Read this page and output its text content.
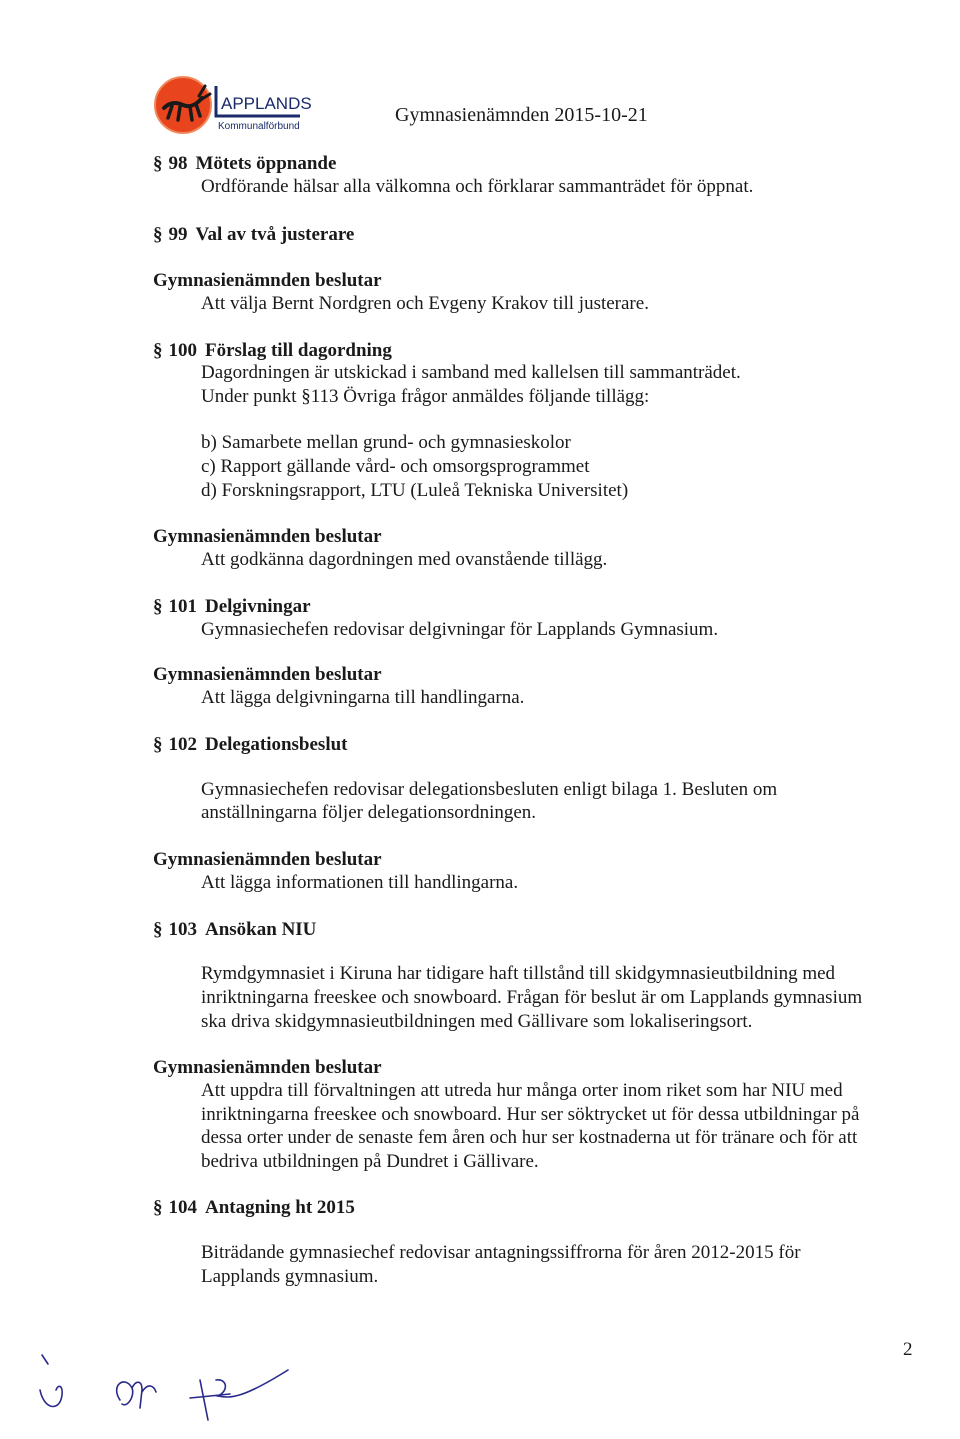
APPLANDS
Kommunalförbund
Gymnasienämnden 2015-10-21
§ 98 Mötets öppnande
Ordförande hälsar alla välkomna och förklarar sammanträdet för öppnat.
§ 99 Val av två justerare
Gymnasienämnden beslutar
Att välja Bernt Nordgren och Evgeny Krakov till justerare.
§ 100 Förslag till dagordning
Dagordningen är utskickad i samband med kallelsen till sammanträdet.
Under punkt §113 Övriga frågor anmäldes följande tillägg:
b) Samarbete mellan grund- och gymnasieskolor
c) Rapport gällande vård- och omsorgsprogrammet
d) Forskningsrapport, LTU (Luleå Tekniska Universitet)
Gymnasienämnden beslutar
Att godkänna dagordningen med ovanstående tillägg.
§ 101 Delgivningar
Gymnasiechefen redovisar delgivningar för Lapplands Gymnasium.
Gymnasienämnden beslutar
Att lägga delgivningarna till handlingarna.
§ 102 Delegationsbeslut
Gymnasiechefen redovisar delegationsbesluten enligt bilaga 1. Besluten om
anställningarna följer delegationsordningen.
Gymnasienämnden beslutar
Att lägga informationen till handlingarna.
§ 103 Ansökan NIU
Rymdgymnasiet i Kiruna har tidigare haft tillstånd till skidgymnasieutbildning med
inriktningarna freeskee och snowboard. Frågan för beslut är om Lapplands gymnasium
ska driva skidgymnasieutbildningen med Gällivare som lokaliseringsort.
Gymnasienämnden beslutar
Att uppdra till förvaltningen att utreda hur många orter inom riket som har NIU med
inriktningarna freeskee och snowboard. Hur ser söktrycket ut för dessa utbildningar på
dessa orter under de senaste fem åren och hur ser kostnaderna ut för tränare och för att
bedriva utbildningen på Dundret i Gällivare.
§ 104 Antagning ht 2015
Biträdande gymnasiechef redovisar antagningssiffrorna för åren 2012-2015 för
Lapplands gymnasium.
2
